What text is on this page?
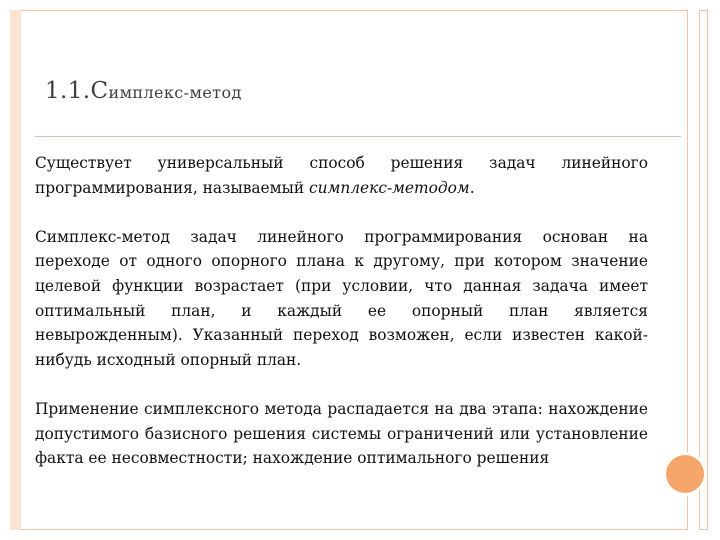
1.1.Симплекс-метод

Существует универсальный способ решения задач линейного программирования, называемый симплекс-методом.

Симплекс-метод задач линейного программирования основан на переходе от одного опорного плана к другому, при котором значение целевой функции возрастает (при условии, что данная задача имеет оптимальный план, и каждый ее опорный план является невырожденным). Указанный переход возможен, если известен какой-нибудь исходный опорный план.

Применение симплексного метода распадается на два этапа: нахождение допустимого базисного решения системы ограничений или установление факта ее несовместности; нахождение оптимального решения
